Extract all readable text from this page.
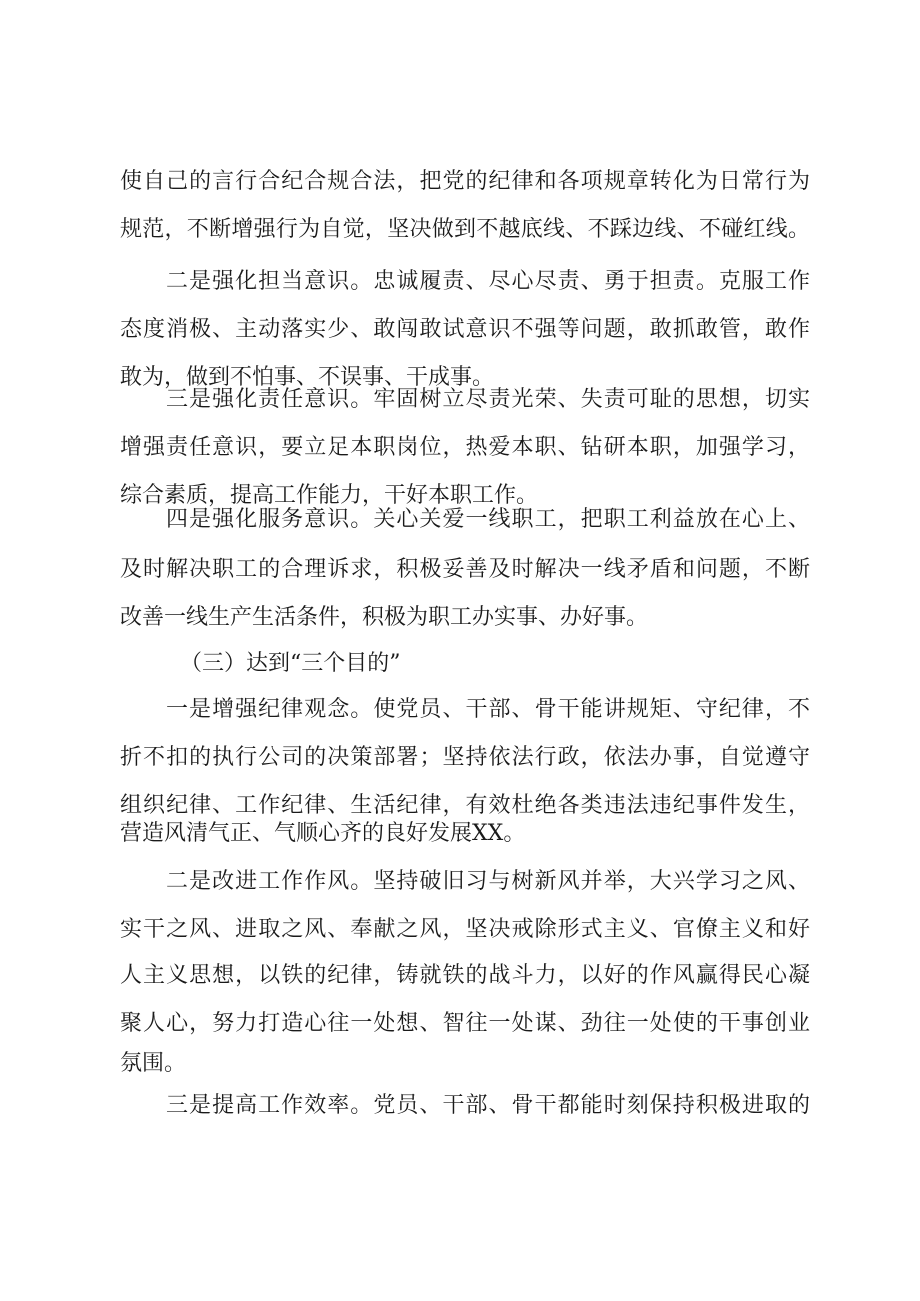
使自己的言行合纪合规合法，把党的纪律和各项规章转化为日常行为
规范，不断增强行为自觉，坚决做到不越底线、不踩边线、不碰红线。
二是强化担当意识。忠诚履责、尽心尽责、勇于担责。克服工作
态度消极、主动落实少、敢闯敢试意识不强等问题，敢抓敢管，敢作
敢为，做到不怕事、不误事、干成事。
三是强化责任意识。牢固树立尽责光荣、失责可耻的思想，切实
增强责任意识，要立足本职岗位，热爱本职、钻研本职，加强学习，
综合素质，提高工作能力，干好本职工作。
四是强化服务意识。关心关爱一线职工，把职工利益放在心上、
及时解决职工的合理诉求，积极妥善及时解决一线矛盾和问题，不断
改善一线生产生活条件，积极为职工办实事、办好事。
（三）达到“三个目的”
一是增强纪律观念。使党员、干部、骨干能讲规矩、守纪律，不
折不扣的执行公司的决策部署；坚持依法行政，依法办事，自觉遵守
组织纪律、工作纪律、生活纪律，有效杜绝各类违法违纪事件发生，
营造风清气正、气顺心齐的良好发展XX。
二是改进工作作风。坚持破旧习与树新风并举，大兴学习之风、
实干之风、进取之风、奉献之风，坚决戒除形式主义、官僚主义和好
人主义思想，以铁的纪律，铸就铁的战斗力，以好的作风赢得民心凝
聚人心，努力打造心往一处想、智往一处谋、劲往一处使的干事创业
氛围。
三是提高工作效率。党员、干部、骨干都能时刻保持积极进取的
